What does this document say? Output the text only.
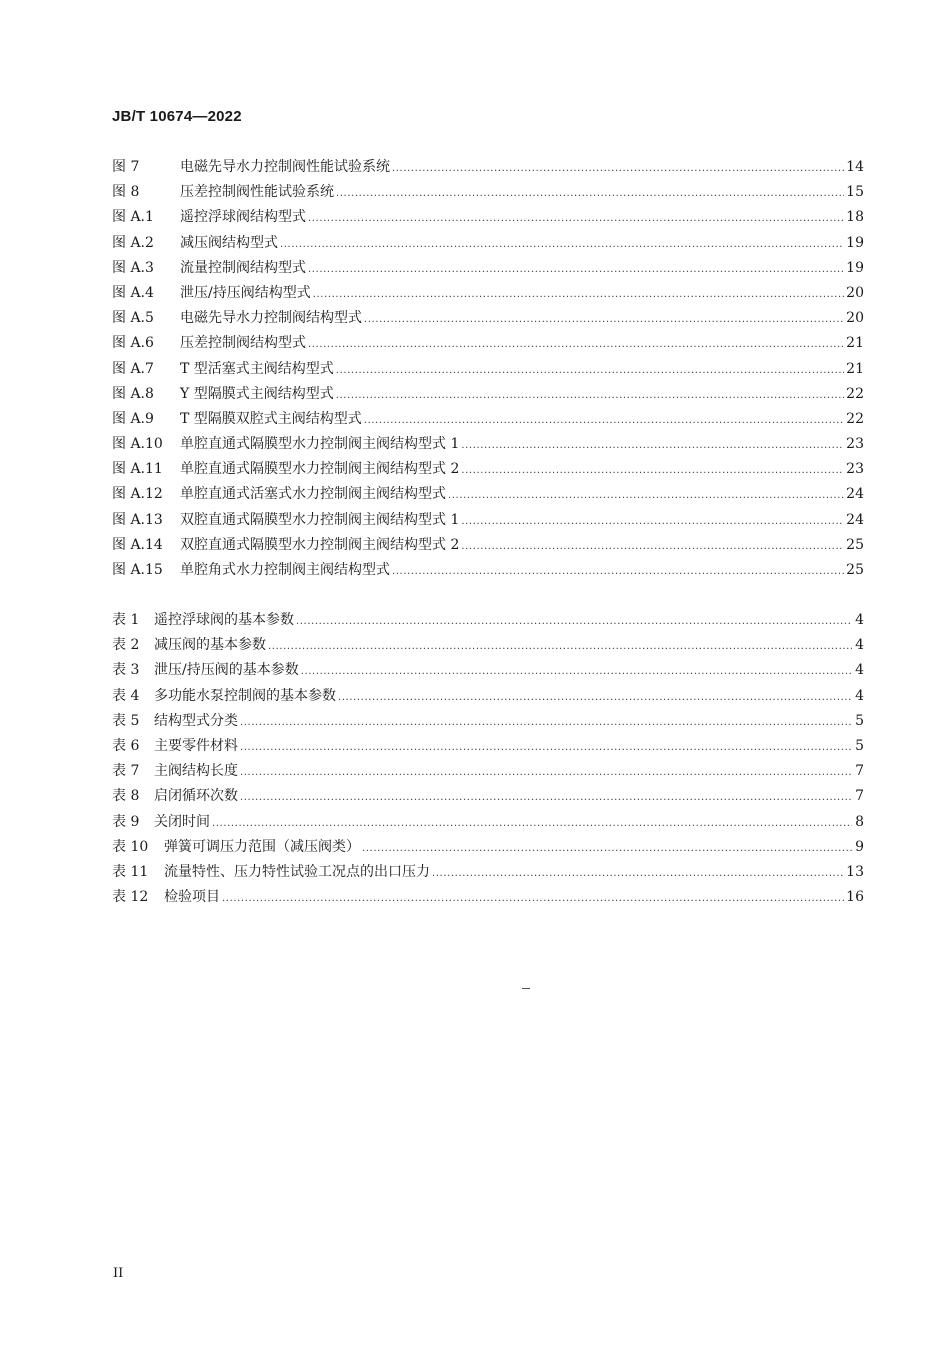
JB/T 10674—2022
图 7	电磁先导水力控制阀性能试验系统 .....	14
图 8	压差控制阀性能试验系统 .....	15
图 A.1	遥控浮球阀结构型式 .....	18
图 A.2	减压阀结构型式 .....	19
图 A.3	流量控制阀结构型式 .....	19
图 A.4	泄压/持压阀结构型式 .....	20
图 A.5	电磁先导水力控制阀结构型式 .....	20
图 A.6	压差控制阀结构型式 .....	21
图 A.7	T 型活塞式主阀结构型式 .....	21
图 A.8	Y 型隔膜式主阀结构型式 .....	22
图 A.9	T 型隔膜双腔式主阀结构型式 .....	22
图 A.10	单腔直通式隔膜型水力控制阀主阀结构型式 1 .....	23
图 A.11	单腔直通式隔膜型水力控制阀主阀结构型式 2 .....	23
图 A.12	单腔直通式活塞式水力控制阀主阀结构型式 .....	24
图 A.13	双腔直通式隔膜型水力控制阀主阀结构型式 1 .....	24
图 A.14	双腔直通式隔膜型水力控制阀主阀结构型式 2 .....	25
图 A.15	单腔角式水力控制阀主阀结构型式 .....	25
表 1	遥控浮球阀的基本参数 .....	4
表 2	减压阀的基本参数 .....	4
表 3	泄压/持压阀的基本参数 .....	4
表 4	多功能水泵控制阀的基本参数 .....	4
表 5	结构型式分类 .....	5
表 6	主要零件材料 .....	5
表 7	主阀结构长度 .....	7
表 8	启闭循环次数 .....	7
表 9	关闭时间 .....	8
表 10	弹簧可调压力范围（减压阀类） .....	9
表 11	流量特性、压力特性试验工况点的出口压力 .....	13
表 12	检验项目 .....	16
II
